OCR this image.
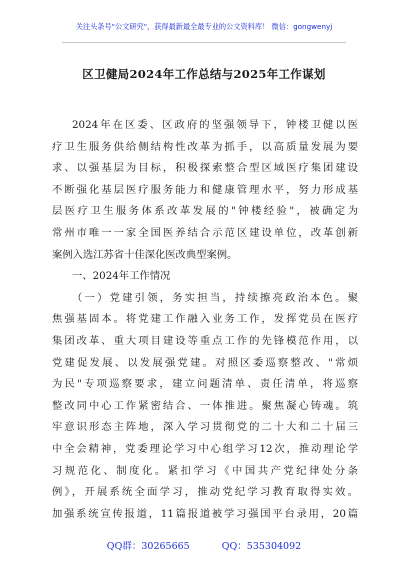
关注头条号"公文研究"，获得最新最全最专业的公文资料库！ 微信：gongwenyj
区卫健局2024年工作总结与2025年工作谋划
2024年在区委、区政府的坚强领导下，钟楼卫健以医
疗卫生服务供给侧结构性改革为抓手，以高质量发展为要
求、以强基层为目标，积极探索整合型区域医疗集团建设
不断强化基层医疗服务能力和健康管理水平，努力形成基
层医疗卫生服务体系改革发展的"钟楼经验"，被确定为
常州市唯一一家全国医养结合示范区建设单位，改革创新
案例入选江苏省十佳深化医改典型案例。
一、2024年工作情况
（一）党建引领，务实担当，持续擦亮政治本色。聚
焦强基固本。将党建工作融入业务工作，发挥党员在医疗
集团改革、重大项目建设等重点工作的先锋模范作用，以
党建促发展、以发展强党建。对照区委巡察整改、"常烦
为民"专项巡察要求，建立问题清单、责任清单，将巡察
整改同中心工作紧密结合、一体推进。聚焦凝心铸魂。筑
牢意识形态主阵地，深入学习贯彻党的二十大和二十届三
中全会精神，党委理论学习中心组学习12次，推动理论学
习规范化、制度化。紧扣学习《中国共产党纪律处分条
例》，开展系统全面学习，推动党纪学习教育取得实效。
加强系统宣传报道，11篇报道被学习强国平台录用，20篇
QQ群：30265665	QQ：535304092
